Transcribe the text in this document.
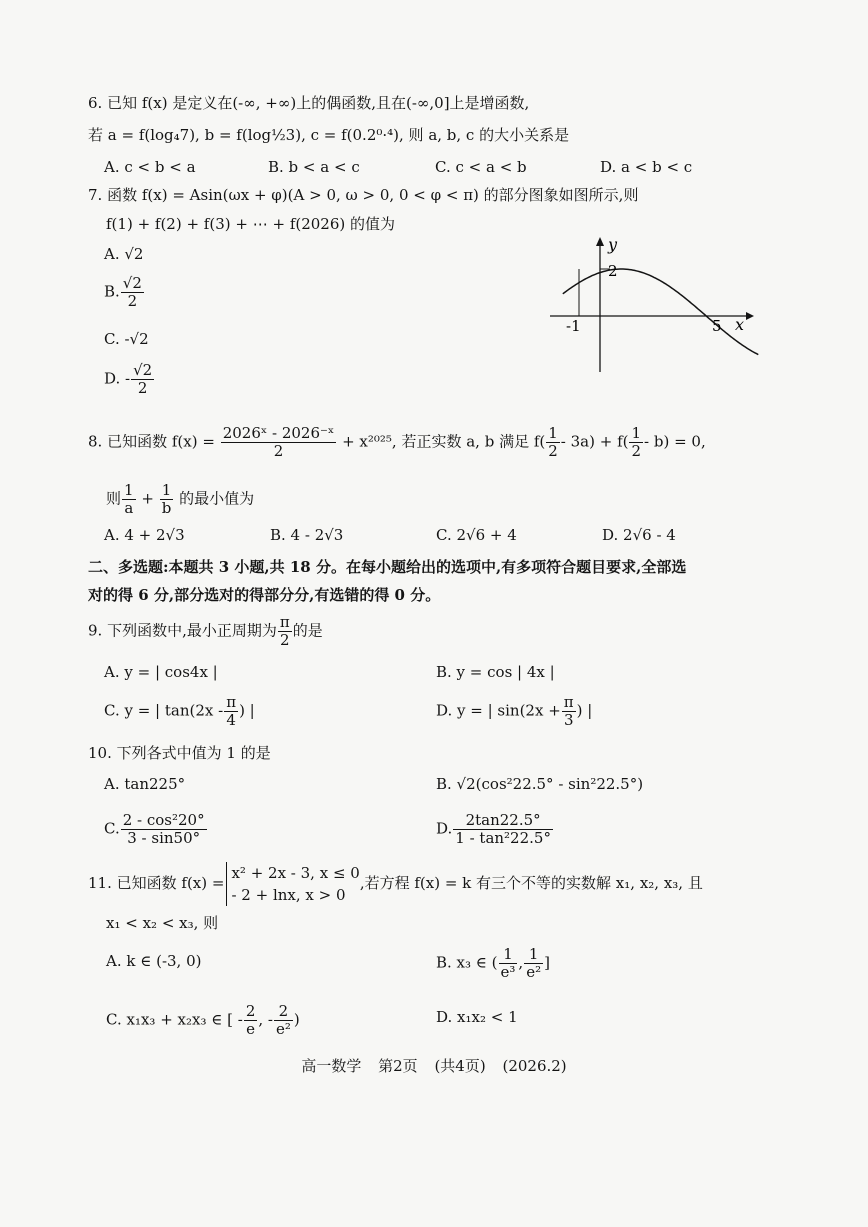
6. 已知 f(x) 是定义在(-∞, +∞)上的偶函数,且在(-∞,0]上是增函数,
若 a = f(log₄7), b = f(log½3), c = f(0.2⁰·⁴), 则 a, b, c 的大小关系是
A. c < b < a	B. b < a < c	C. c < a < b	D. a < b < c
7. 函数 f(x) = Asin(ωx + φ)(A > 0, ω > 0, 0 < φ < π) 的部分图象如图所示,则
f(1) + f(2) + f(3) + ⋯ + f(2026) 的值为
A. √2
B. $\frac{√2}{2}$
C. -√2
D. - $\frac{√2}{2}$
y
x
2
-1	5
8. 已知函数 $f(x) = \frac{\text{2026ˣ - 2026⁻ˣ}}{2} + x^{2025}$, 若正实数 a, b 满足 $f( \frac{1}{2} - 3a) + f( \frac{1}{2} - b) = 0$,
则 $\frac{1}{a} + \frac{1}{b}$ 的最小值为
A. 4 + 2√3	B. 4 - 2√3	C. 2√6 + 4	D. 2√6 - 4
二、多选题:本题共 3 小题,共 18 分。在每小题给出的选项中,有多项符合题目要求,全部选
对的得 6 分,部分选对的得部分分,有选错的得 0 分。
9. 下列函数中,最小正周期为 $\frac{\pi}{2}$ 的是
A. y = | cos4x |	B. y = cos | 4x |
C. y = | $\tan(2x - \frac{\pi}{4}$ ) |	D. y = | $\sin(2x + \frac{\pi}{3}$ ) |
10. 下列各式中值为 1 的是
A. tan225°	B. √2(cos²22.5° - sin²22.5°)
C. $\frac{\text{2 - cos²20°}}{3 - \sin 50^\circ}$	D. $\frac{2\tan 22.5^\circ}{\text{1 - tan²22.5°}}$
11. 已知函数 f(x) =
x² + 2x - 3, x ≤ 0
- 2 + lnx, x > 0
,若方程 f(x) = k 有三个不等的实数解 x₁, x₂, x₃, 且
x₁ < x₂ < x₃, 则
A. k ∈ (-3, 0)	B. x₃ ∈ ( $\frac{1}{\text{e³}}$ , $\frac{1}{\text{e²}}$ ]
C. x₁x₃ + x₂x₃ ∈ [ - $\frac{2}{e}$ , - $\frac{2}{\text{e²}}$ )	D. x₁x₂ < 1
高一数学 第2页 (共4页) (2026.2)
